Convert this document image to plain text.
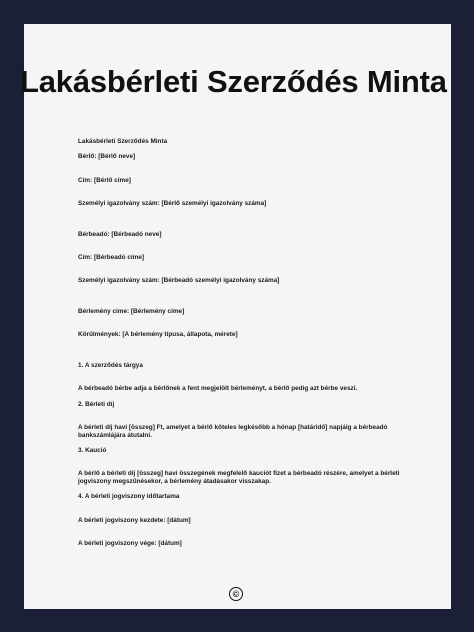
Lakásbérleti Szerződés Minta

Lakásbérleti Szerződés Minta

Bérlő: [Bérlő neve]

Cím: [Bérlő címe]

Személyi igazolvány szám: [Bérlő személyi igazolvány száma]

Bérbeadó: [Bérbeadó neve]

Cím: [Bérbeadó címe]

Személyi igazolvány szám: [Bérbeadó személyi igazolvány száma]

Bérlemény címe: [Bérlemény címe]

Körülmények: [A bérlemény típusa, állapota, mérete]

1. A szerződés tárgya

A bérbeadó bérbe adja a bérlőnek a fent megjelölt bérleményt, a bérlő pedig azt bérbe veszi.

2. Bérleti díj

A bérleti díj havi [összeg] Ft, amelyet a bérlő köteles legkésőbb a hónap [határidő] napjáig a bérbeadó bankszámlájára átutalni.

3. Kaució

A bérlő a bérleti díj [összeg] havi összegének megfelelő kauciót fizet a bérbeadó részére, amelyet a bérleti jogviszony megszűnésekor, a bérlemény átadásakor visszakap.

4. A bérleti jogviszony időtartama

A bérleti jogviszony kezdete: [dátum]

A bérleti jogviszony vége: [dátum]

©
